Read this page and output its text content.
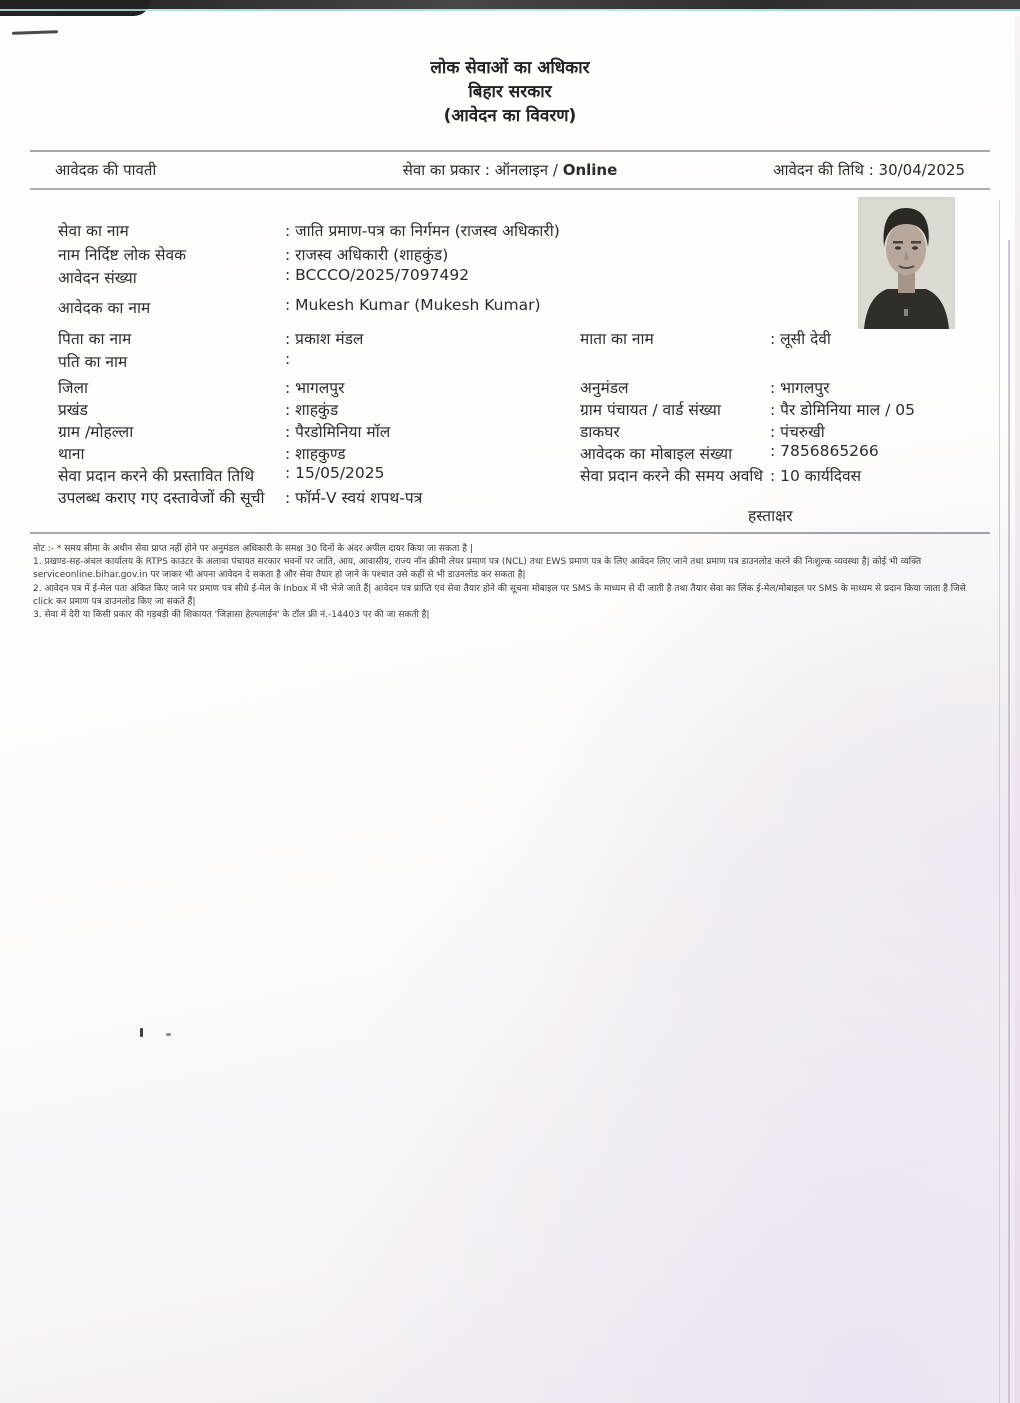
लोक सेवाओं का अधिकार
बिहार सरकार
(आवेदन का विवरण)
आवेदक की पावती	सेवा का प्रकार : ऑनलाइन / Online	आवेदन की तिथि : 30/04/2025
सेवा का नाम	: जाति प्रमाण-पत्र का निर्गमन (राजस्व अधिकारी)
नाम निर्दिष्ट लोक सेवक	: राजस्व अधिकारी (शाहकुंड)
आवेदन संख्या	: BCCCO/2025/7097492
आवेदक का नाम	: Mukesh Kumar (Mukesh Kumar)
पिता का नाम	: प्रकाश मंडल	माता का नाम	: लूसी देवी
पति का नाम	:
जिला	: भागलपुर	अनुमंडल	: भागलपुर
प्रखंड	: शाहकुंड	ग्राम पंचायत / वार्ड संख्या	: पैर डोमिनिया माल / 05
ग्राम /मोहल्ला	: पैरडोमिनिया मॉल	डाकघर	: पंचरुखी
थाना	: शाहकुण्ड	आवेदक का मोबाइल संख्या : 7856865266
सेवा प्रदान करने की प्रस्तावित तिथि : 15/05/2025	सेवा प्रदान करने की समय अवधि : 10 कार्यदिवस
उपलब्ध कराए गए दस्तावेजों की सूची : फॉर्म-V स्वयं शपथ-पत्र
हस्ताक्षर
नोट :- * समय सीमा के अधीन सेवा प्राप्त नहीं होने पर अनुमंडल अधिकारी के समक्ष 30 दिनों के अंदर अपील दायर किया जा सकता है |
1. प्रखण्ड-सह-अंचल कार्यालय के RTPS काउंटर के अलावा पंचायत सरकार भवनों पर जाति, आय, आवासीय, राज्य नॉन क्रीमी लेयर प्रमाण पत्र (NCL) तथा EWS प्रमाण पत्र के लिए आवेदन लिए जाने तथा प्रमाण पत्र डाउनलोड करने की निःशुल्क व्यवस्था है| कोई भी व्यक्ति
serviceonline.bihar.gov.in पर जाकर भी अपना आवेदन दे सकता है और सेवा तैयार हो जाने के पश्चात उसे कहीं से भी डाउनलोड कर सकता है|
2. आवेदन पत्र में ई-मेल पता अंकित किए जाने पर प्रमाण पत्र सीधे ई-मेल के Inbox में भी भेजे जाते हैं| आवेदन पत्र प्राप्ति एवं सेवा तैयार होने की सूचना मोबाइल पर SMS के माध्यम से दी जाती है तथा तैयार सेवा का लिंक ई-मेल/मोबाइल पर SMS के माध्यम से प्रदान किया जाता है जिसे
click कर प्रमाण पत्र डाउनलोड किए जा सकते हैं|
3. सेवा में देरी या किसी प्रकार की गड़बड़ी की शिकायत 'जिज्ञासा हेल्पलाईन' के टॉल फ्री नं.-14403 पर की जा सकती है|
